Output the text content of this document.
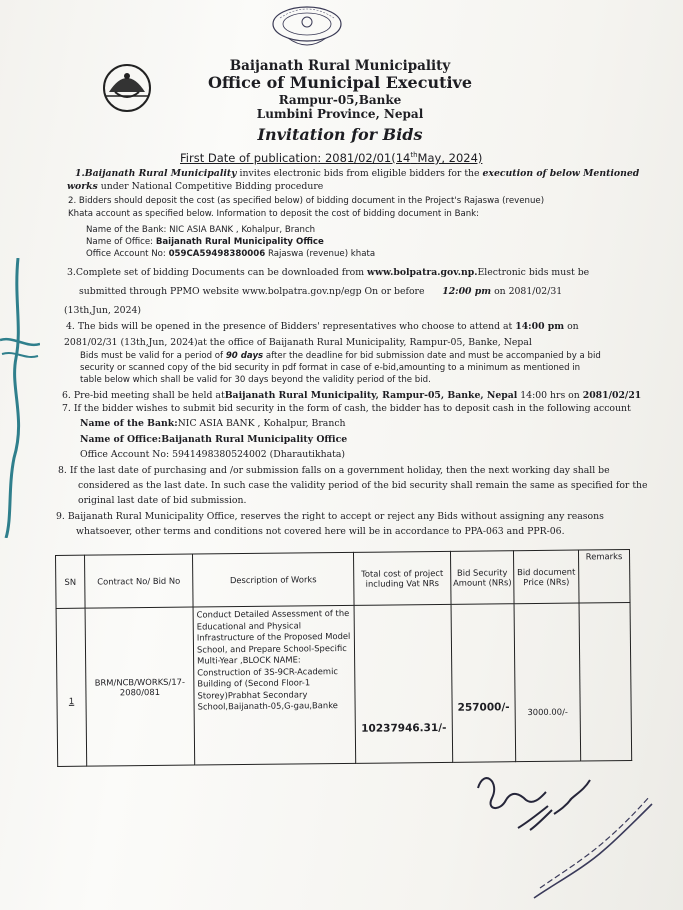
Baijanath Rural Municipality
Office of Municipal Executive
Rampur-05,Banke
Lumbini Province, Nepal
Invitation for Bids
First Date of publication: 2081/02/01(14thMay, 2024)
1.Baijanath Rural Municipality invites electronic bids from eligible bidders for the execution of below Mentioned
works under National Competitive Bidding procedure
2. Bidders should deposit the cost (as specified below) of bidding document in the Project's Rajaswa (revenue)
Khata account as specified below. Information to deposit the cost of bidding document in Bank:
Name of the Bank: NIC ASIA BANK , Kohalpur, Branch
Name of Office: Baijanath Rural Municipality Office
Office Account No: 059CA59498380006 Rajaswa (revenue) khata
3.Complete set of bidding Documents can be downloaded from www.bolpatra.gov.np.Electronic bids must be
submitted through PPMO website www.bolpatra.gov.np/egp On or before 12:00 pm on 2081/02/31
(13th,Jun, 2024)
4. The bids will be opened in the presence of Bidders' representatives who choose to attend at 14:00 pm on
2081/02/31 (13th,Jun, 2024)at the office of Baijanath Rural Municipality, Rampur-05, Banke, Nepal
Bids must be valid for a period of 90 days after the deadline for bid submission date and must be accompanied by a bid
security or scanned copy of the bid security in pdf format in case of e-bid,amounting to a minimum as mentioned in
table below which shall be valid for 30 days beyond the validity period of the bid.
6. Pre-bid meeting shall be held atBaijanath Rural Municipality, Rampur-05, Banke, Nepal 14:00 hrs on 2081/02/21
7. If the bidder wishes to submit bid security in the form of cash, the bidder has to deposit cash in the following account
Name of the Bank:NIC ASIA BANK , Kohalpur, Branch
Name of Office:Baijanath Rural Municipality Office
Office Account No: 5941498380524002 (Dharautikhata)
8. If the last date of purchasing and /or submission falls on a government holiday, then the next working day shall be
considered as the last date. In such case the validity period of the bid security shall remain the same as specified for the
original last date of bid submission.
9. Baijanath Rural Municipality Office, reserves the right to accept or reject any Bids without assigning any reasons
whatsoever, other terms and conditions not covered here will be in accordance to PPA-063 and PPR-06.
SN	Contract No/ Bid No	Description of Works	Total cost of project including Vat NRs	Bid Security Amount (NRs)	Bid document Price (NRs)	Remarks
1	BRM/NCB/WORKS/17-2080/081	Conduct Detailed Assessment of the Educational and Physical Infrastructure of the Proposed Model School, and Prepare School-Specific Multi-Year ,BLOCK NAME: Construction of 3S-9CR-Academic Building of (Second Floor-1 Storey)Prabhat Secondary School,Baijanath-05,G-gau,Banke	10237946.31/-	257000/-	3000.00/-	
